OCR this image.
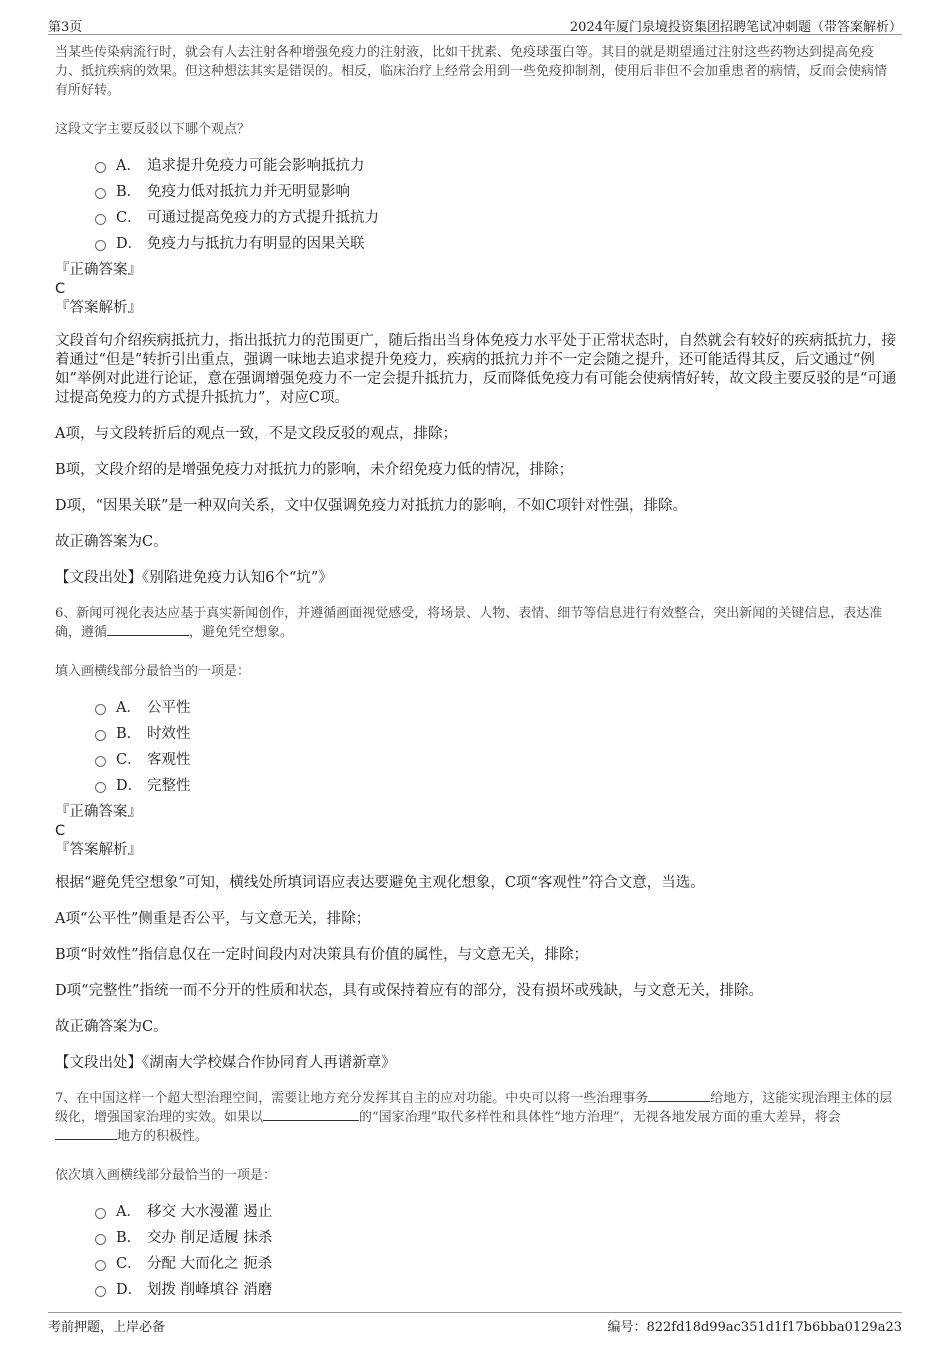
第3页	2024年厦门泉境投资集团招聘笔试冲刺题（带答案解析）

当某些传染病流行时，就会有人去注射各种增强免疫力的注射液，比如干扰素、免疫球蛋白等。其目的就是期望通过注射这些药物达到提高免疫力、抵抗疾病的效果。但这种想法其实是错误的。相反，临床治疗上经常会用到一些免疫抑制剂，使用后非但不会加重患者的病情，反而会使病情有所好转。

这段文字主要反驳以下哪个观点？

A． 追求提升免疫力可能会影响抵抗力
B． 免疫力低对抵抗力并无明显影响
C． 可通过提高免疫力的方式提升抵抗力
D． 免疫力与抵抗力有明显的因果关联

『正确答案』

C

『答案解析』

文段首句介绍疾病抵抗力，指出抵抗力的范围更广，随后指出当身体免疫力水平处于正常状态时，自然就会有较好的疾病抵抗力，接着通过“但是”转折引出重点，强调一味地去追求提升免疫力，疾病的抵抗力并不一定会随之提升，还可能适得其反，后文通过“例如”举例对此进行论证，意在强调增强免疫力不一定会提升抵抗力，反而降低免疫力有可能会使病情好转，故文段主要反驳的是“可通过提高免疫力的方式提升抵抗力”，对应C项。

A项，与文段转折后的观点一致，不是文段反驳的观点，排除；

B项，文段介绍的是增强免疫力对抵抗力的影响，未介绍免疫力低的情况，排除；

D项，“因果关联”是一种双向关系，文中仅强调免疫力对抵抗力的影响，不如C项针对性强，排除。

故正确答案为C。

【文段出处】《别陷进免疫力认知6个“坑”》

6、新闻可视化表达应基于真实新闻创作，并遵循画面视觉感受，将场景、人物、表情、细节等信息进行有效整合，突出新闻的关键信息，表达准确，遵循	，避免凭空想象。

填入画横线部分最恰当的一项是：

A． 公平性
B． 时效性
C． 客观性
D． 完整性

『正确答案』

C

『答案解析』

根据“避免凭空想象”可知，横线处所填词语应表达要避免主观化想象，C项“客观性”符合文意，当选。

A项“公平性”侧重是否公平，与文意无关，排除；

B项“时效性”指信息仅在一定时间段内对决策具有价值的属性，与文意无关，排除；

D项“完整性”指统一而不分开的性质和状态，具有或保持着应有的部分，没有损坏或残缺，与文意无关，排除。

故正确答案为C。

【文段出处】《湖南大学校媒合作协同育人再谱新章》

7、在中国这样一个超大型治理空间，需要让地方充分发挥其自主的应对功能。中央可以将一些治理事务	给地方，这能实现治理主体的层级化，增强国家治理的实效。如果以	的“国家治理”取代多样性和具体性“地方治理”，无视各地发展方面的重大差异，将会地方的积极性。

依次填入画横线部分最恰当的一项是：

A． 移交 大水漫灌 遏止
B． 交办 削足适履 抹杀
C． 分配 大而化之 扼杀
D． 划拨 削峰填谷 消磨
考前押题，上岸必备	编号：822fd18d99ac351d1f17b6bba0129a23
